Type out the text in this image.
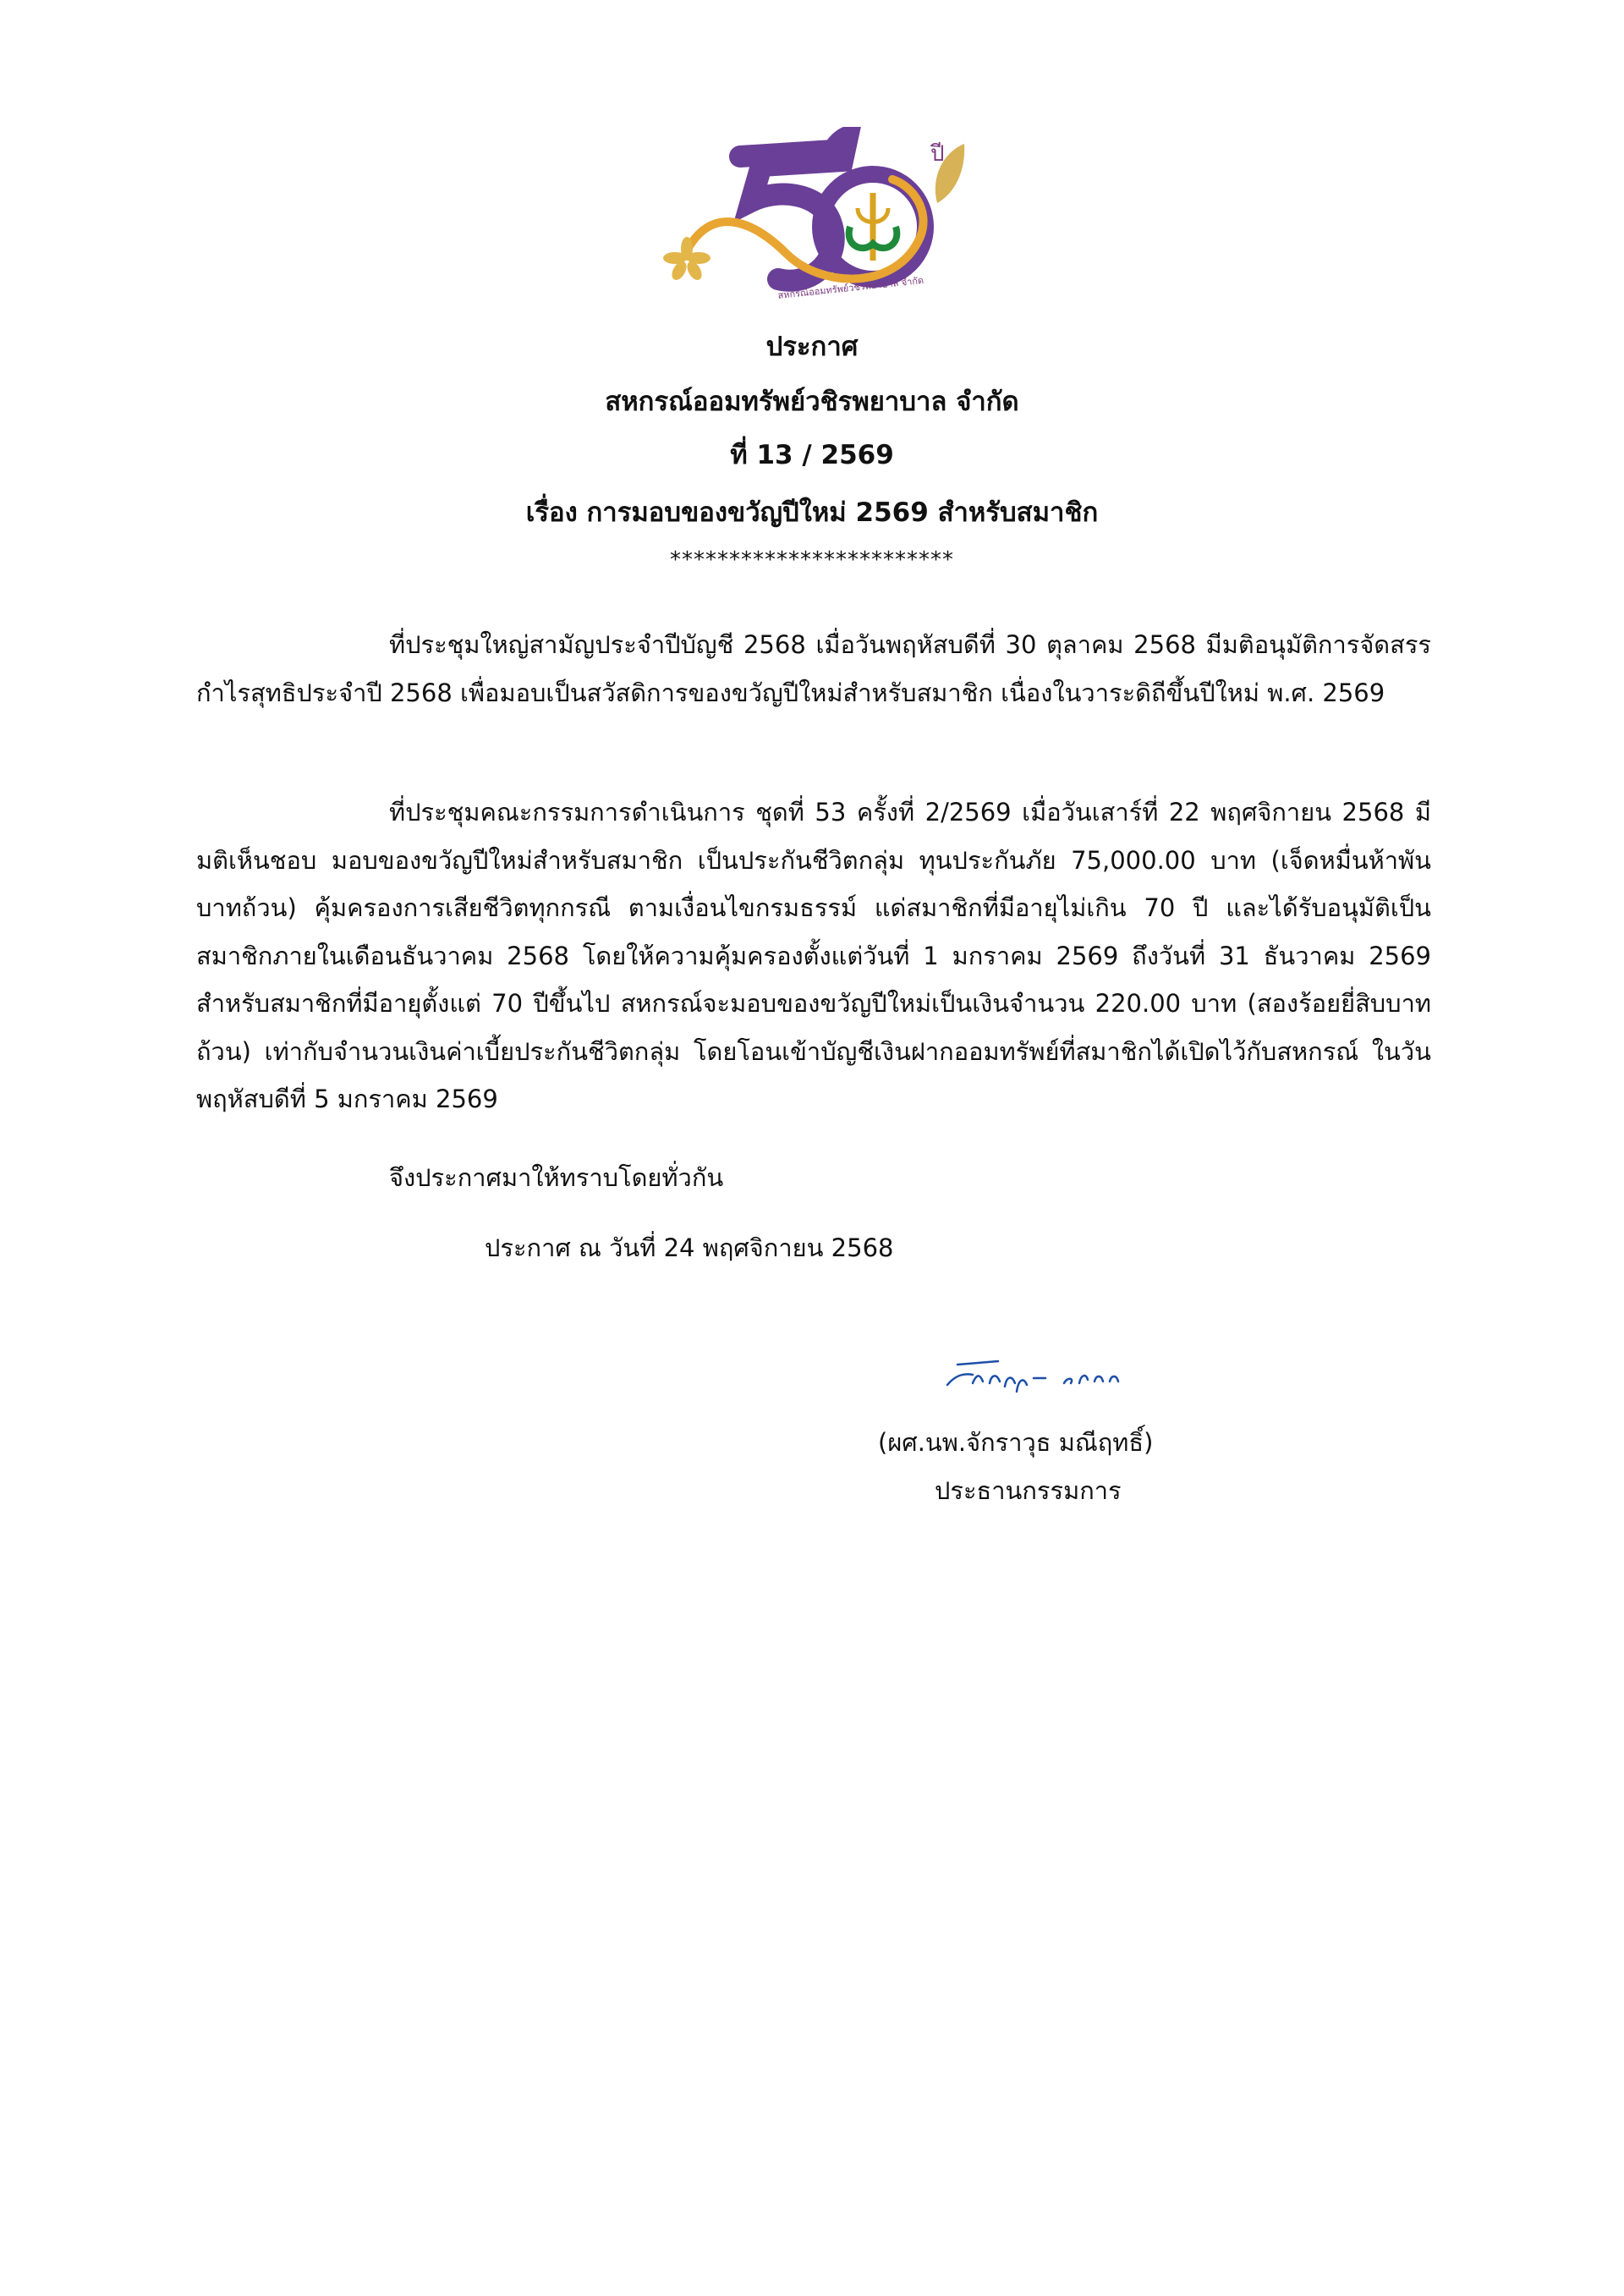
ปี
สหกรณ์ออมทรัพย์วชิรพยาบาล จำกัด
ประกาศ
สหกรณ์ออมทรัพย์วชิรพยาบาล จำกัด
ที่ 13 / 2569
เรื่อง การมอบของขวัญปีใหม่ 2569 สำหรับสมาชิก
************************
ที่ประชุมใหญ่สามัญประจำปีบัญชี 2568 เมื่อวันพฤหัสบดีที่ 30 ตุลาคม 2568 มีมติอนุมัติการจัดสรรกำไรสุทธิประจำปี 2568 เพื่อมอบเป็นสวัสดิการของขวัญปีใหม่สำหรับสมาชิก เนื่องในวาระดิถีขึ้นปีใหม่ พ.ศ. 2569
ที่ประชุมคณะกรรมการดำเนินการ ชุดที่ 53 ครั้งที่ 2/2569 เมื่อวันเสาร์ที่ 22 พฤศจิกายน 2568 มีมติเห็นชอบ มอบของขวัญปีใหม่สำหรับสมาชิก เป็นประกันชีวิตกลุ่ม ทุนประกันภัย 75,000.00 บาท (เจ็ดหมื่นห้าพันบาทถ้วน) คุ้มครองการเสียชีวิตทุกกรณี ตามเงื่อนไขกรมธรรม์ แด่สมาชิกที่มีอายุไม่เกิน 70 ปี และได้รับอนุมัติเป็นสมาชิกภายในเดือนธันวาคม 2568 โดยให้ความคุ้มครองตั้งแต่วันที่ 1 มกราคม 2569 ถึงวันที่ 31 ธันวาคม 2569 สำหรับสมาชิกที่มีอายุตั้งแต่ 70 ปีขึ้นไป สหกรณ์จะมอบของขวัญปีใหม่เป็นเงินจำนวน 220.00 บาท (สองร้อยยี่สิบบาทถ้วน) เท่ากับจำนวนเงินค่าเบี้ยประกันชีวิตกลุ่ม โดยโอนเข้าบัญชีเงินฝากออมทรัพย์ที่สมาชิกได้เปิดไว้กับสหกรณ์ ในวันพฤหัสบดีที่ 5 มกราคม 2569
จึงประกาศมาให้ทราบโดยทั่วกัน
ประกาศ ณ วันที่ 24 พฤศจิกายน 2568
(ผศ.นพ.จักราวุธ มณีฤทธิ์)
ประธานกรรมการ
